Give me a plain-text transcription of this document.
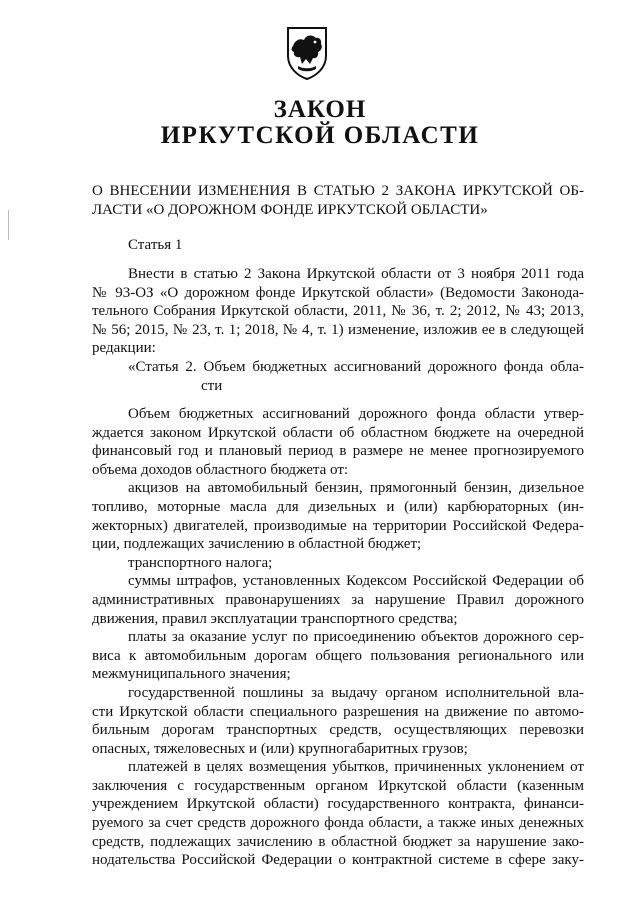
ЗАКОН
ИРКУТСКОЙ ОБЛАСТИ
О ВНЕСЕНИИ ИЗМЕНЕНИЯ В СТАТЬЮ 2 ЗАКОНА ИРКУТСКОЙ ОБ-
ЛАСТИ «О ДОРОЖНОМ ФОНДЕ ИРКУТСКОЙ ОБЛАСТИ»
Статья 1
Внести в статью 2 Закона Иркутской области от 3 ноября 2011 года
№ 93-ОЗ «О дорожном фонде Иркутской области» (Ведомости Законода-
тельного Собрания Иркутской области, 2011, № 36, т. 2; 2012, № 43; 2013,
№ 56; 2015, № 23, т. 1; 2018, № 4, т. 1) изменение, изложив ее в следующей
редакции:
«Статья 2. Объем бюджетных ассигнований дорожного фонда обла-
сти
Объем бюджетных ассигнований дорожного фонда области утвер-
ждается законом Иркутской области об областном бюджете на очередной
финансовый год и плановый период в размере не менее прогнозируемого
объема доходов областного бюджета от:
акцизов на автомобильный бензин, прямогонный бензин, дизельное
топливо, моторные масла для дизельных и (или) карбюраторных (ин-
жекторных) двигателей, производимые на территории Российской Федера-
ции, подлежащих зачислению в областной бюджет;
транспортного налога;
суммы штрафов, установленных Кодексом Российской Федерации об
административных правонарушениях за нарушение Правил дорожного
движения, правил эксплуатации транспортного средства;
платы за оказание услуг по присоединению объектов дорожного сер-
виса к автомобильным дорогам общего пользования регионального или
межмуниципального значения;
государственной пошлины за выдачу органом исполнительной вла-
сти Иркутской области специального разрешения на движение по автомо-
бильным дорогам транспортных средств, осуществляющих перевозки
опасных, тяжеловесных и (или) крупногабаритных грузов;
платежей в целях возмещения убытков, причиненных уклонением от
заключения с государственным органом Иркутской области (казенным
учреждением Иркутской области) государственного контракта, финанси-
руемого за счет средств дорожного фонда области, а также иных денежных
средств, подлежащих зачислению в областной бюджет за нарушение зако-
нодательства Российской Федерации о контрактной системе в сфере заку-
